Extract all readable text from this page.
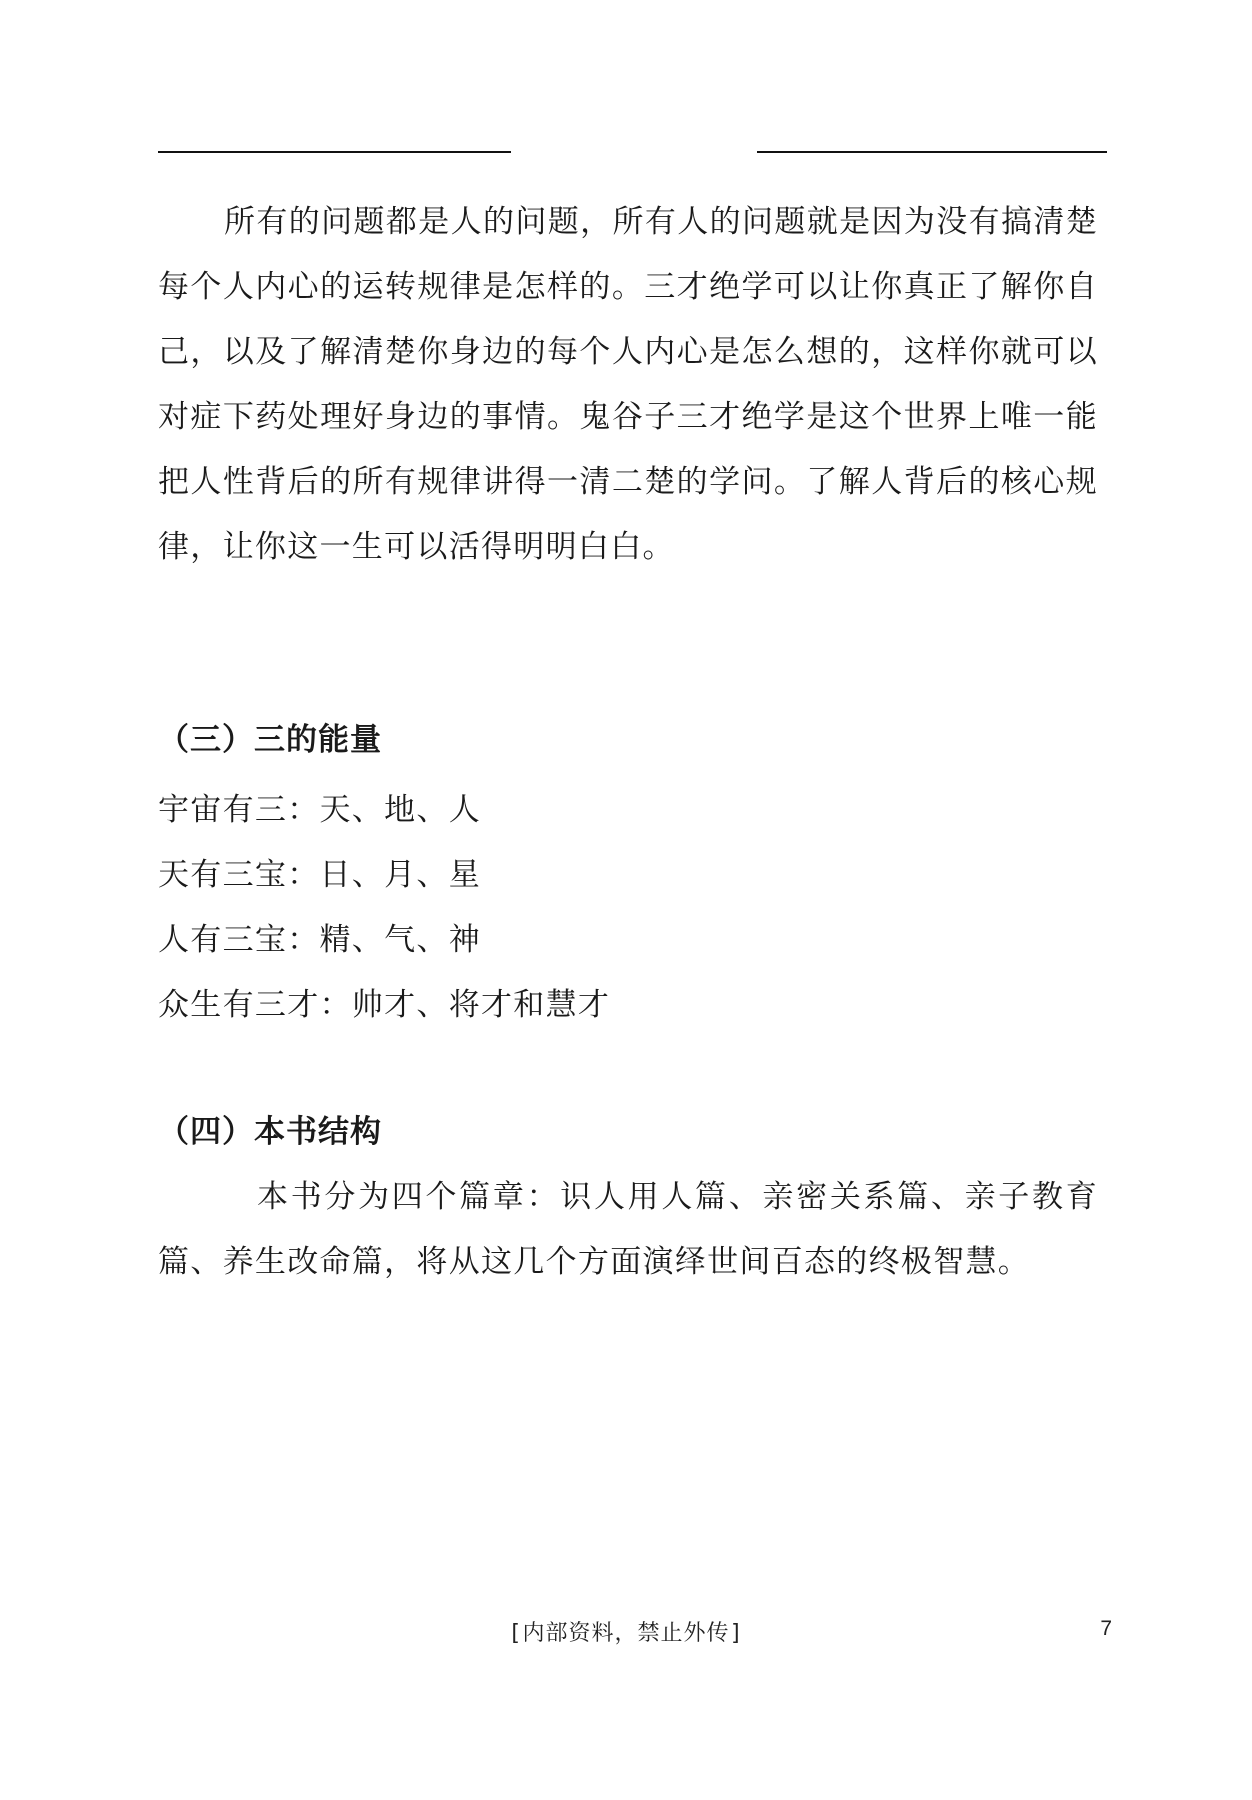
所有的问题都是人的问题，所有人的问题就是因为没有搞清楚每个人内心的运转规律是怎样的。三才绝学可以让你真正了解你自己，以及了解清楚你身边的每个人内心是怎么想的，这样你就可以对症下药处理好身边的事情。鬼谷子三才绝学是这个世界上唯一能把人性背后的所有规律讲得一清二楚的学问。了解人背后的核心规律，让你这一生可以活得明明白白。

（三）三的能量
宇宙有三：天、地、人
天有三宝：日、月、星
人有三宝：精、气、神
众生有三才：帅才、将才和慧才
（四）本书结构

本书分为四个篇章：识人用人篇、亲密关系篇、亲子教育篇、养生改命篇，将从这几个方面演绎世间百态的终极智慧。

[内部资料，禁止外传]	7
